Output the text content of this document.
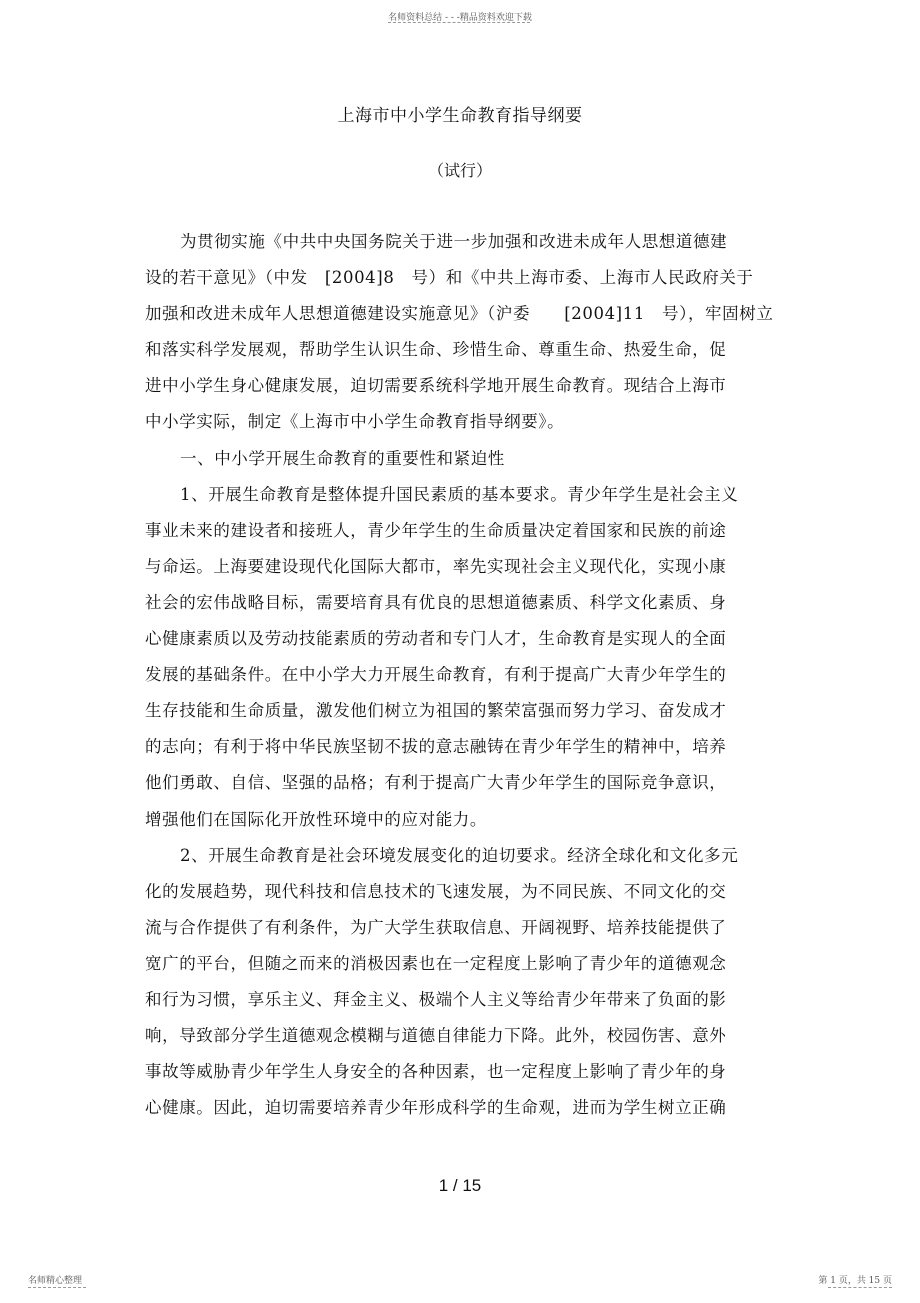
名师资料总结 - - -精品资料欢迎下载
上海市中小学生命教育指导纲要
（试行）
为贯彻实施《中共中央国务院关于进一步加强和改进未成年人思想道德建
设的若干意见》（中发　[2004]8　号）和《中共上海市委、上海市人民政府关于
加强和改进未成年人思想道德建设实施意见》（沪委　　[2004]11　号），牢固树立
和落实科学发展观，帮助学生认识生命、珍惜生命、尊重生命、热爱生命，促
进中小学生身心健康发展，迫切需要系统科学地开展生命教育。现结合上海市
中小学实际，制定《上海市中小学生命教育指导纲要》。
一、中小学开展生命教育的重要性和紧迫性
1、开展生命教育是整体提升国民素质的基本要求。青少年学生是社会主义
事业未来的建设者和接班人，青少年学生的生命质量决定着国家和民族的前途
与命运。上海要建设现代化国际大都市，率先实现社会主义现代化，实现小康
社会的宏伟战略目标，需要培育具有优良的思想道德素质、科学文化素质、身
心健康素质以及劳动技能素质的劳动者和专门人才，生命教育是实现人的全面
发展的基础条件。在中小学大力开展生命教育，有利于提高广大青少年学生的
生存技能和生命质量，激发他们树立为祖国的繁荣富强而努力学习、奋发成才
的志向；有利于将中华民族坚韧不拔的意志融铸在青少年学生的精神中，培养
他们勇敢、自信、坚强的品格；有利于提高广大青少年学生的国际竞争意识，
增强他们在国际化开放性环境中的应对能力。
2、开展生命教育是社会环境发展变化的迫切要求。经济全球化和文化多元
化的发展趋势，现代科技和信息技术的飞速发展，为不同民族、不同文化的交
流与合作提供了有利条件，为广大学生获取信息、开阔视野、培养技能提供了
宽广的平台，但随之而来的消极因素也在一定程度上影响了青少年的道德观念
和行为习惯，享乐主义、拜金主义、极端个人主义等给青少年带来了负面的影
响，导致部分学生道德观念模糊与道德自律能力下降。此外，校园伤害、意外
事故等威胁青少年学生人身安全的各种因素，也一定程度上影响了青少年的身
心健康。因此，迫切需要培养青少年形成科学的生命观，进而为学生树立正确
1 / 15
名师精心整理	第 1 页，共 15 页
